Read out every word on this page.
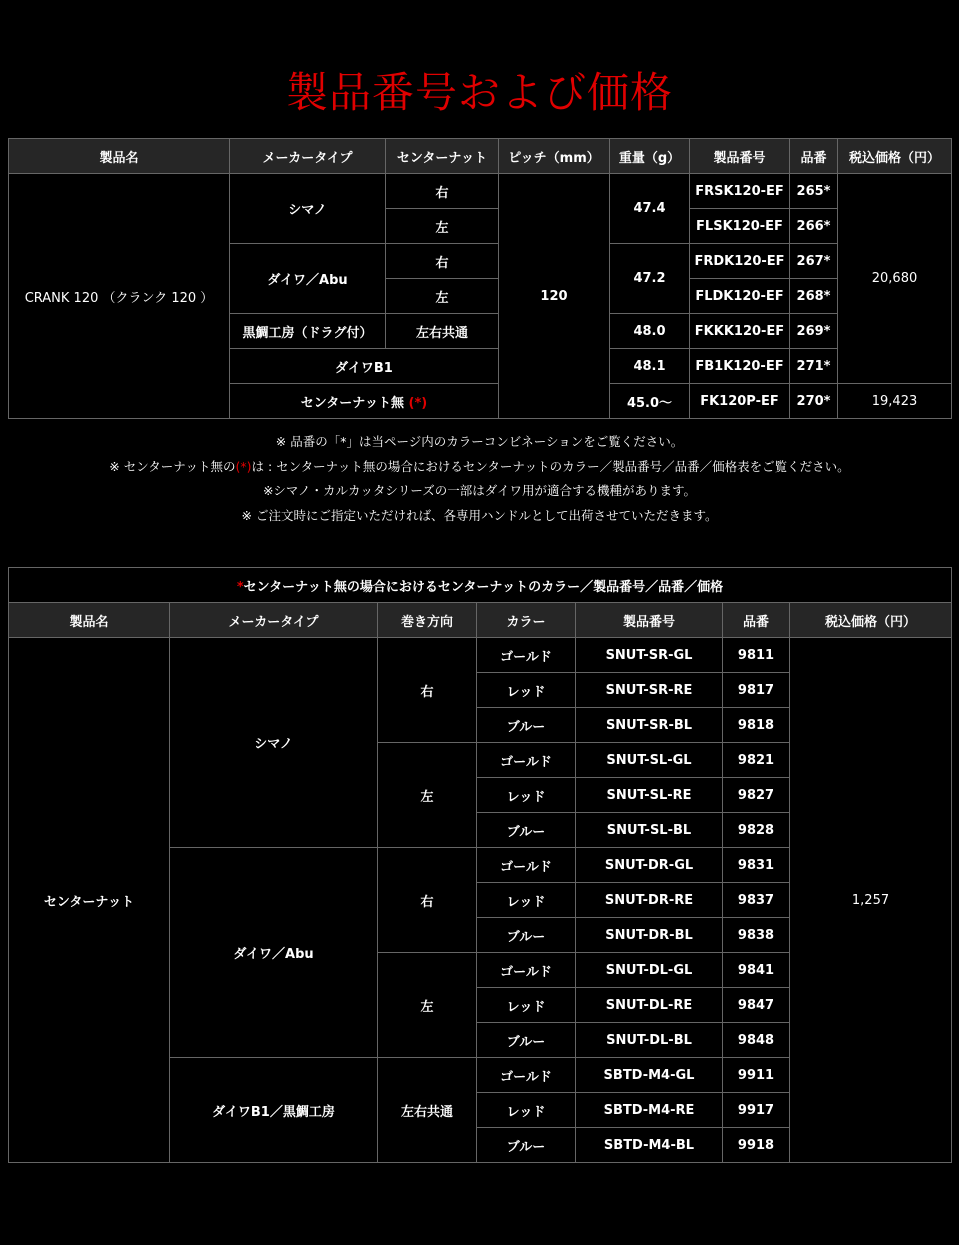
製品番号および価格
製品名	メーカータイプ	センターナット	ピッチ（mm）	重量（g）	製品番号	品番	税込価格（円）
CRANK 120 （クランク 120 ）	シマノ	右	120	47.4	FRSK120-EF	265*	20,680
		左			FLSK120-EF	266*	
	ダイワ／Abu	右		47.2	FRDK120-EF	267*	
		左			FLDK120-EF	268*	
	黒鯛工房（ドラグ付）	左右共通		48.0	FKKK120-EF	269*	
	ダイワB1			48.1	FB1K120-EF	271*	
	センターナット無 (*)			45.0〜	FK120P-EF	270*	19,423

※ 品番の「*」は当ページ内のカラーコンビネーションをご覧ください。

※ センターナット無の(*)は : センターナット無の場合におけるセンターナットのカラー／製品番号／品番／価格表をご覧ください。

※シマノ・カルカッタシリーズの一部はダイワ用が適合する機種があります。

※ ご注文時にご指定いただければ、各専用ハンドルとして出荷させていただきます。

*センターナット無の場合におけるセンターナットのカラー／製品番号／品番／価格						
製品名	メーカータイプ	巻き方向	カラー	製品番号	品番	税込価格（円）
センターナット	シマノ	右	ゴールド	SNUT-SR-GL	9811	1,257
			レッド	SNUT-SR-RE	9817	
			ブルー	SNUT-SR-BL	9818	
		左	ゴールド	SNUT-SL-GL	9821	
			レッド	SNUT-SL-RE	9827	
			ブルー	SNUT-SL-BL	9828	
	ダイワ／Abu	右	ゴールド	SNUT-DR-GL	9831	
			レッド	SNUT-DR-RE	9837	
			ブルー	SNUT-DR-BL	9838	
		左	ゴールド	SNUT-DL-GL	9841	
			レッド	SNUT-DL-RE	9847	
			ブルー	SNUT-DL-BL	9848	
	ダイワB1／黒鯛工房	左右共通	ゴールド	SBTD-M4-GL	9911	
			レッド	SBTD-M4-RE	9917	
			ブルー	SBTD-M4-BL	9918	
